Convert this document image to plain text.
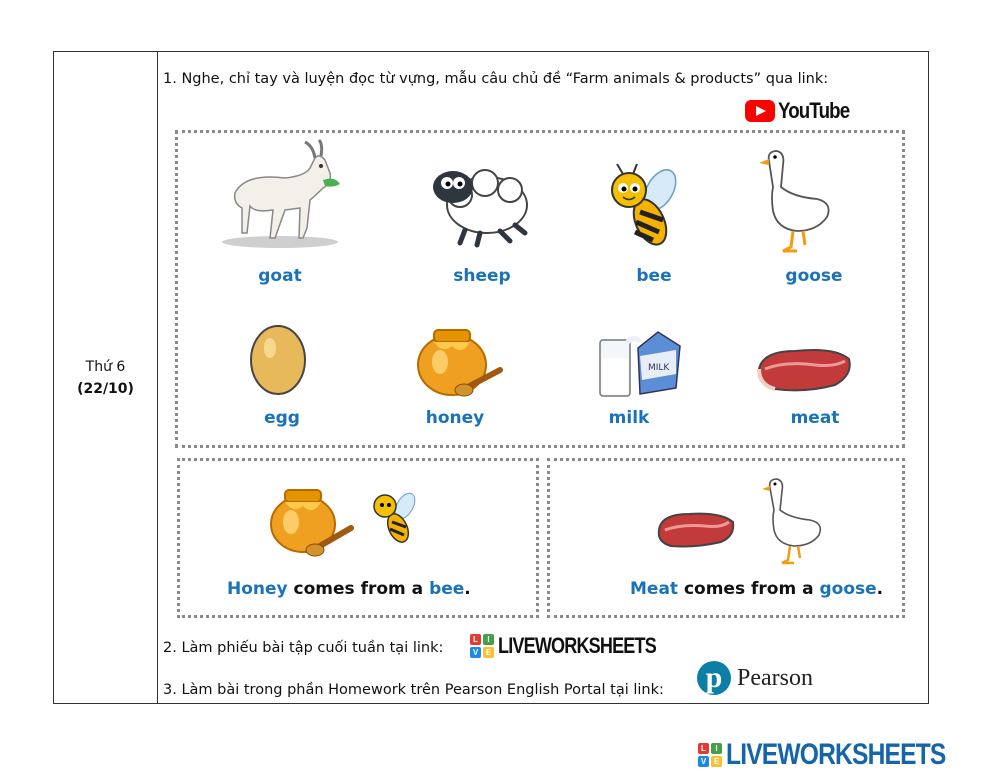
Thứ 6
(22/10)
1. Nghe, chỉ tay và luyện đọc từ vựng, mẫu câu chủ đề “Farm animals & products” qua link:
YouTube
goat	sheep	bee	goose
MILK
egg	honey	milk	meat
Honey comes from a bee.	Meat comes from a goose.
2. Làm phiếu bài tập cuối tuần tại link:
L	I
V E LIVEWORKSHEETS
3. Làm bài trong phần Homework trên Pearson English Portal tại link: p Pearson
L	I
V E LIVEWORKSHEETS
